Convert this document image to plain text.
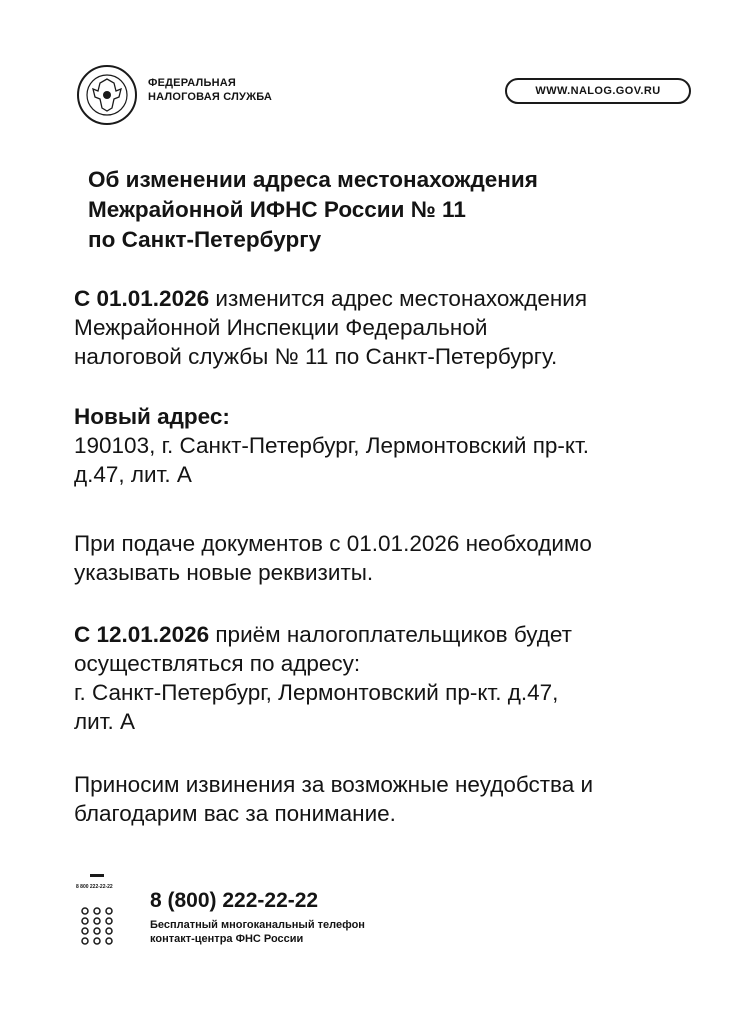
ФЕДЕРАЛЬНАЯ
НАЛОГОВАЯ СЛУЖБА	WWW.NALOG.GOV.RU
Об изменении адреса местонахождения
Межрайонной ИФНС России № 11
по Санкт-Петербургу
С 01.01.2026 изменится адрес местонахождения
Межрайонной Инспекции Федеральной
налоговой службы № 11 по Санкт-Петербургу.
Новый адрес:
190103, г. Санкт-Петербург, Лермонтовский пр-кт.
д.47, лит. А
При подаче документов с 01.01.2026 необходимо
указывать новые реквизиты.
С 12.01.2026 приём налогоплательщиков будет
осуществляться по адресу:
г. Санкт-Петербург, Лермонтовский пр-кт. д.47,
лит. А
Приносим извинения за возможные неудобства и
благодарим вас за понимание.
8 800 222-22-22
8 (800) 222-22-22
Бесплатный многоканальный телефон
контакт-центра ФНС России
